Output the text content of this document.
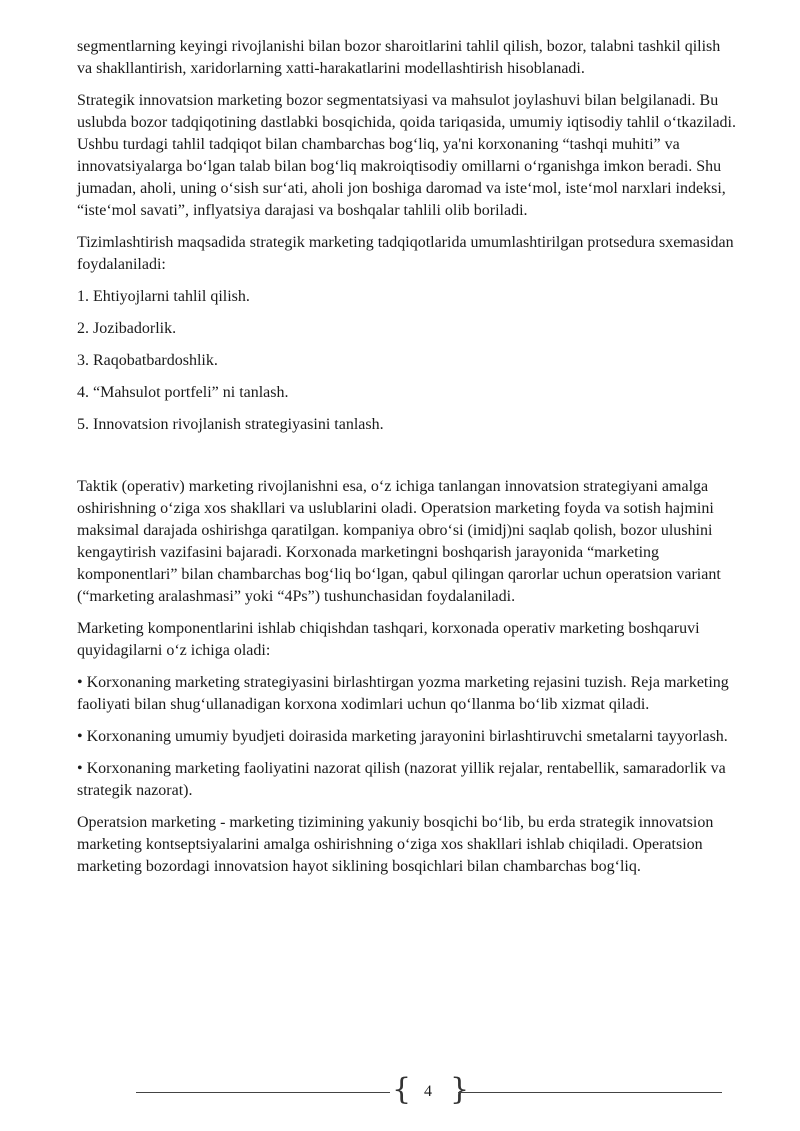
segmentlarning keyingi rivojlanishi bilan bozor sharoitlarini tahlil qilish, bozor, talabni tashkil qilish va shakllantirish, xaridorlarning xatti-harakatlarini modellashtirish hisoblanadi.

Strategik innovatsion marketing bozor segmentatsiyasi va mahsulot joylashuvi bilan belgilanadi. Bu uslubda bozor tadqiqotining dastlabki bosqichida, qoida tariqasida, umumiy iqtisodiy tahlil o‘tkaziladi. Ushbu turdagi tahlil tadqiqot bilan chambarchas bog‘liq, ya'ni korxonaning “tashqi muhiti” va innovatsiyalarga bo‘lgan talab bilan bog‘liq makroiqtisodiy omillarni o‘rganishga imkon beradi. Shu jumadan, aholi, uning o‘sish sur‘ati, aholi jon boshiga daromad va iste‘mol, iste‘mol narxlari indeksi, “iste‘mol savati”, inflyatsiya darajasi va boshqalar tahlili olib boriladi.

Tizimlashtirish maqsadida strategik marketing tadqiqotlarida umumlashtirilgan protsedura sxemasidan foydalaniladi:

1. Ehtiyojlarni tahlil qilish.

2. Jozibadorlik.

3. Raqobatbardoshlik.

4. “Mahsulot portfeli” ni tanlash.

5. Innovatsion rivojlanish strategiyasini tanlash.

Taktik (operativ) marketing rivojlanishni esa, o‘z ichiga tanlangan innovatsion strategiyani amalga oshirishning o‘ziga xos shakllari va uslublarini oladi. Operatsion marketing foyda va sotish hajmini maksimal darajada oshirishga qaratilgan. kompaniya obro‘si (imidj)ni saqlab qolish, bozor ulushini kengaytirish vazifasini bajaradi. Korxonada marketingni boshqarish jarayonida “marketing komponentlari” bilan chambarchas bog‘liq bo‘lgan, qabul qilingan qarorlar uchun operatsion variant (“marketing aralashmasi” yoki “4Ps”) tushunchasidan foydalaniladi.

Marketing komponentlarini ishlab chiqishdan tashqari, korxonada operativ marketing boshqaruvi quyidagilarni o‘z ichiga oladi:

• Korxonaning marketing strategiyasini birlashtirgan yozma marketing rejasini tuzish. Reja marketing faoliyati bilan shug‘ullanadigan korxona xodimlari uchun qo‘llanma bo‘lib xizmat qiladi.

• Korxonaning umumiy byudjeti doirasida marketing jarayonini birlashtiruvchi smetalarni tayyorlash.

• Korxonaning marketing faoliyatini nazorat qilish (nazorat yillik rejalar, rentabellik, samaradorlik va strategik nazorat).

Operatsion marketing - marketing tizimining yakuniy bosqichi bo‘lib, bu erda strategik innovatsion marketing kontseptsiyalarini amalga oshirishning o‘ziga xos shakllari ishlab chiqiladi. Operatsion marketing bozordagi innovatsion hayot siklining bosqichlari bilan chambarchas bog‘liq.

{ 4 }
